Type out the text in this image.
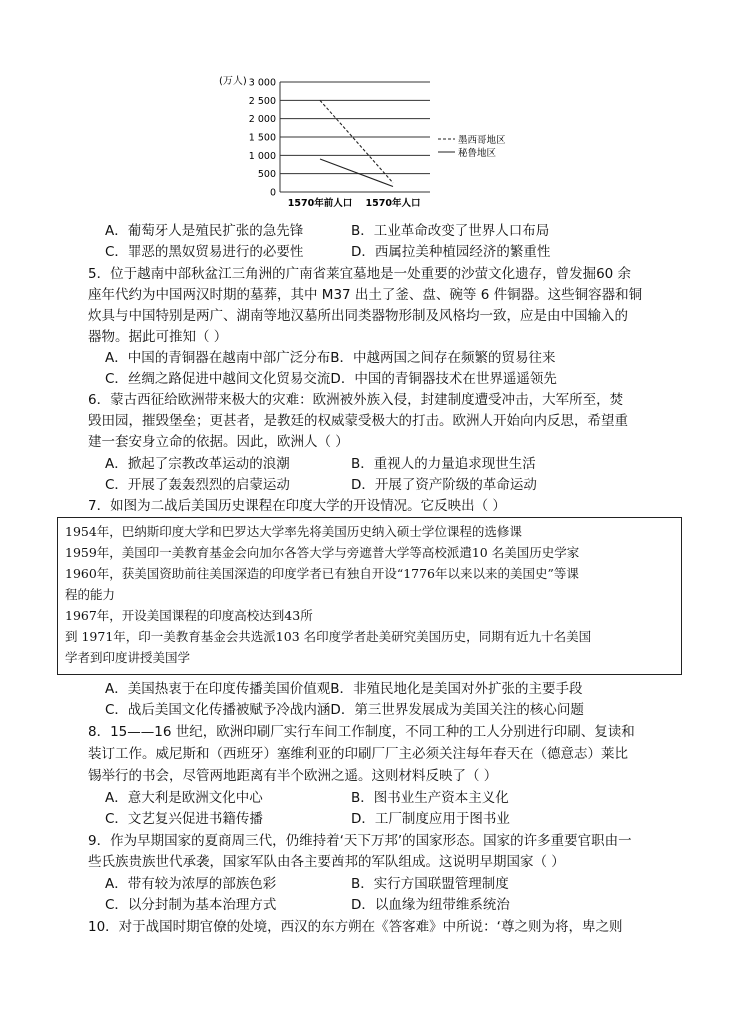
(万人) 3 000
2 500
2 000
1 500
1 000
500
0
1570年前人口 1570年人口
墨西哥地区
秘鲁地区
A．葡萄牙人是殖民扩张的急先锋	B．工业革命改变了世界人口布局
C．罪恶的黑奴贸易进行的必要性	D．西属拉美种植园经济的繁重性
5．位于越南中部秋盆江三角洲的广南省莱宜墓地是一处重要的沙萤文化遗存，曾发掘60 余
座年代约为中国两汉时期的墓葬，其中 M37 出土了釜、盘、碗等 6 件铜器。这些铜容器和铜
炊具与中国特别是两广、湖南等地汉墓所出同类器物形制及风格均一致，应是由中国输入的
器物。据此可推知（ ）
A．中国的青铜器在越南中部广泛分布B．中越两国之间存在频繁的贸易往来
C．丝绸之路促进中越间文化贸易交流D．中国的青铜器技术在世界遥遥领先
6．蒙古西征给欧洲带来极大的灾难：欧洲被外族入侵，封建制度遭受冲击，大军所至，焚
毁田园，摧毁堡垒；更甚者，是教廷的权威蒙受极大的打击。欧洲人开始向内反思，希望重
建一套安身立命的依据。因此，欧洲人（ ）
A．掀起了宗教改革运动的浪潮	B．重视人的力量追求现世生活
C．开展了轰轰烈烈的启蒙运动	D．开展了资产阶级的革命运动
7．如图为二战后美国历史课程在印度大学的开设情况。它反映出（ ）
1954年，巴纳斯印度大学和巴罗达大学率先将美国历史纳入硕士学位课程的选修课
1959年，美国印一美教育基金会向加尔各答大学与旁遮普大学等高校派遣10 名美国历史学家
1960年，获美国资助前往美国深造的印度学者已有独自开设“1776年以来以来的美国史”等课
程的能力
1967年，开设美国课程的印度高校达到43所
到 1971年，印一美教育基金会共选派103 名印度学者赴美研究美国历史，同期有近九十名美国
学者到印度讲授美国学
A．美国热衷于在印度传播美国价值观B．非殖民地化是美国对外扩张的主要手段
C．战后美国文化传播被赋予冷战内涵D．第三世界发展成为美国关注的核心问题
8．15——16 世纪，欧洲印刷厂实行车间工作制度，不同工种的工人分别进行印刷、复读和
装订工作。威尼斯和（西班牙）塞维利亚的印刷厂厂主必须关注每年春天在（德意志）莱比
锡举行的书会，尽管两地距离有半个欧洲之遥。这则材料反映了（ ）
A．意大利是欧洲文化中心	B．图书业生产资本主义化
C．文艺复兴促进书籍传播	D．工厂制度应用于图书业
9．作为早期国家的夏商周三代，仍维持着‘天下万邦’的国家形态。国家的许多重要官职由一
些氏族贵族世代承袭，国家军队由各主要酋邦的军队组成。这说明早期国家（ ）
A．带有较为浓厚的部族色彩	B．实行方国联盟管理制度
C．以分封制为基本治理方式	D．以血缘为纽带维系统治
10．对于战国时期官僚的处境，西汉的东方朔在《答客难》中所说：‘尊之则为将，卑之则
